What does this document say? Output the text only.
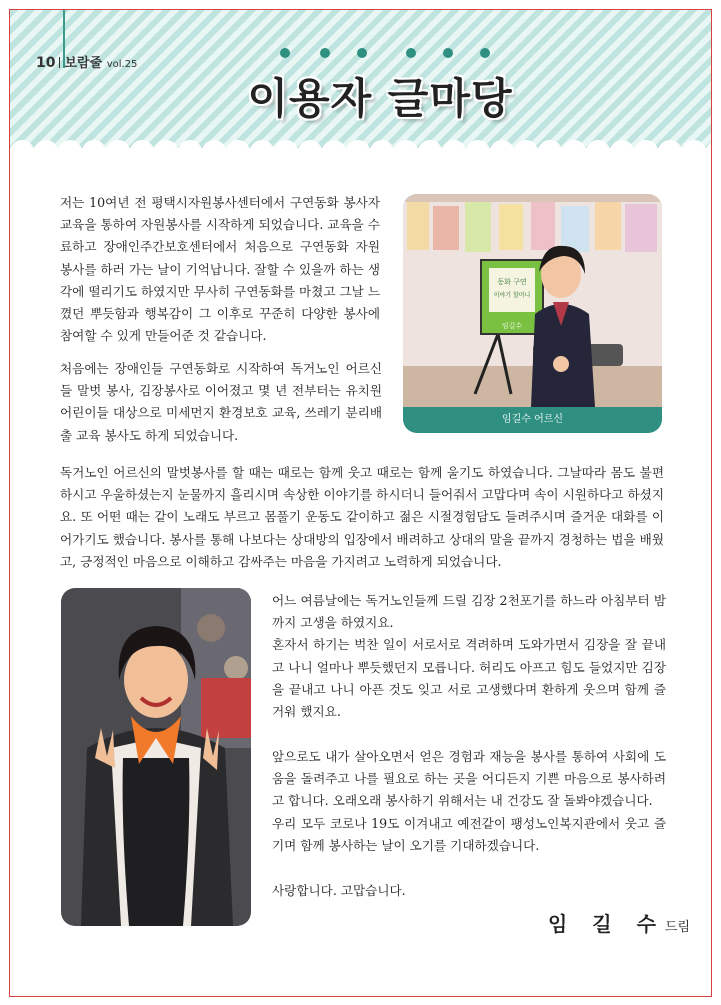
10 보람줄 vol.25
이용자 글마당

저는 10여년 전 평택시자원봉사센터에서 구연동화 봉사자 교육을 통하여 자원봉사를 시작하게 되었습니다. 교육을 수료하고 장애인주간보호센터에서 처음으로 구연동화 자원봉사를 하러 가는 날이 기억납니다. 잘할 수 있을까 하는 생각에 떨리기도 하였지만 무사히 구연동화를 마쳤고 그날 느꼈던 뿌듯함과 행복감이 그 이후로 꾸준히 다양한 봉사에 참여할 수 있게 만들어준 것 같습니다.

동화 구연
이야기 할머니
임길수
임길수 어르신

처음에는 장애인들 구연동화로 시작하여 독거노인 어르신들 말벗 봉사, 김장봉사로 이어졌고 몇 년 전부터는 유치원 어린이들 대상으로 미세먼지 환경보호 교육, 쓰레기 분리배출 교육 봉사도 하게 되었습니다.

독거노인 어르신의 말벗봉사를 할 때는 때로는 함께 웃고 때로는 함께 울기도 하였습니다. 그날따라 몸도 불편하시고 우울하셨는지 눈물까지 흘리시며 속상한 이야기를 하시더니 들어줘서 고맙다며 속이 시원하다고 하셨지요. 또 어떤 때는 같이 노래도 부르고 몸풀기 운동도 같이하고 젊은 시절경험담도 들려주시며 즐거운 대화를 이어가기도 했습니다. 봉사를 통해 나보다는 상대방의 입장에서 배려하고 상대의 말을 끝까지 경청하는 법을 배웠고, 긍정적인 마음으로 이해하고 감싸주는 마음을 가지려고 노력하게 되었습니다.

어느 여름날에는 독거노인들께 드릴 김장 2천포기를 하느라 아침부터 밤까지 고생을 하였지요.
혼자서 하기는 벅찬 일이 서로서로 격려하며 도와가면서 김장을 잘 끝내고 나니 얼마나 뿌듯했던지 모릅니다. 허리도 아프고 힘도 들었지만 김장을 끝내고 나니 아픈 것도 잊고 서로 고생했다며 환하게 웃으며 함께 즐거워 했지요.

앞으로도 내가 살아오면서 얻은 경험과 재능을 봉사를 통하여 사회에 도움을 돌려주고 나를 필요로 하는 곳을 어디든지 기쁜 마음으로 봉사하려고 합니다. 오래오래 봉사하기 위해서는 내 건강도 잘 돌봐야겠습니다.
우리 모두 코로나 19도 이겨내고 예전같이 팽성노인복지관에서 웃고 즐기며 함께 봉사하는 날이 오기를 기대하겠습니다.

사랑합니다. 고맙습니다.

임 길 수드림
